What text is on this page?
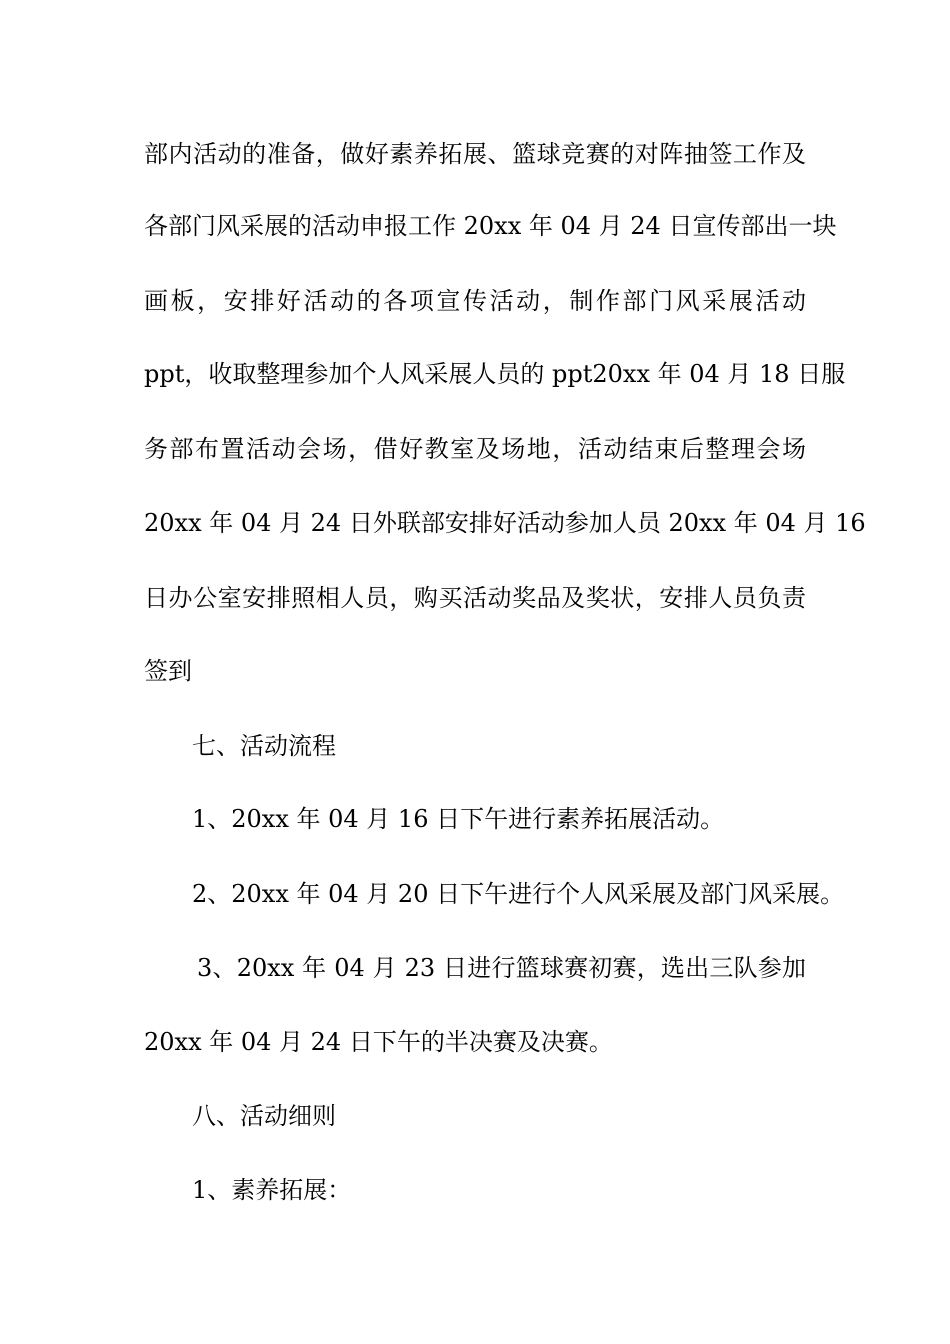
部内活动的准备，做好素养拓展、篮球竞赛的对阵抽签工作及
各部门风采展的活动申报工作 20xx 年 04 月 24 日宣传部出一块
画板，安排好活动的各项宣传活动，制作部门风采展活动
ppt，收取整理参加个人风采展人员的 ppt20xx 年 04 月 18 日服
务部布置活动会场，借好教室及场地，活动结束后整理会场
20xx 年 04 月 24 日外联部安排好活动参加人员 20xx 年 04 月 16
日办公室安排照相人员，购买活动奖品及奖状，安排人员负责
签到
七、活动流程
1、20xx 年 04 月 16 日下午进行素养拓展活动。
2、20xx 年 04 月 20 日下午进行个人风采展及部门风采展。
3、20xx 年 04 月 23 日进行篮球赛初赛，选出三队参加
20xx 年 04 月 24 日下午的半决赛及决赛。
八、活动细则
1、素养拓展：
